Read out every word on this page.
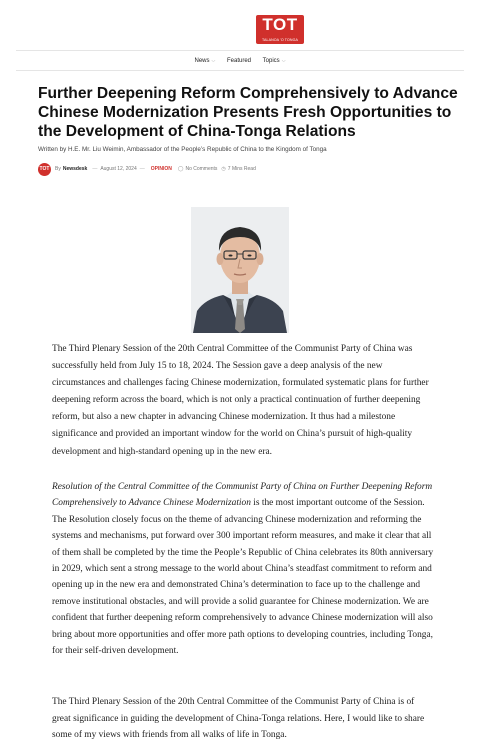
TOT
TALANOA 'O TONGA
News ⌵ Featured Topics ⌵
Further Deepening Reform Comprehensively to Advance Chinese Modernization Presents Fresh Opportunities to the Development of China-Tonga Relations
Written by H.E. Mr. Liu Weimin, Ambassador of the People’s Republic of China to the Kingdom of Tonga
TOT	By Newsdesk — August 12, 2024 — OPINION ◯ No Comments ◷ 7 Mins Read

The Third Plenary Session of the 20th Central Committee of the Communist Party of China was successfully held from July 15 to 18, 2024. The Session gave a deep analysis of the new circumstances and challenges facing Chinese modernization, formulated systematic plans for further deepening reform across the board, which is not only a practical continuation of further deepening reform, but also a new chapter in advancing Chinese modernization. It thus had a milestone significance and provided an important window for the world on China’s pursuit of high-quality development and high-standard opening up in the new era.

Resolution of the Central Committee of the Communist Party of China on Further Deepening Reform Comprehensively to Advance Chinese Modernization is the most important outcome of the Session. The Resolution closely focus on the theme of advancing Chinese modernization and reforming the systems and mechanisms, put forward over 300 important reform measures, and make it clear that all of them shall be completed by the time the People’s Republic of China celebrates its 80th anniversary in 2029, which sent a strong message to the world about China’s steadfast commitment to reform and opening up in the new era and demonstrated China’s determination to face up to the challenge and remove institutional obstacles, and will provide a solid guarantee for Chinese modernization. We are confident that further deepening reform comprehensively to advance Chinese modernization will also bring about more opportunities and offer more path options to developing countries, including Tonga, for their self-driven development.

The Third Plenary Session of the 20th Central Committee of the Communist Party of China is of great significance in guiding the development of China-Tonga relations. Here, I would like to share some of my views with friends from all walks of life in Tonga.
